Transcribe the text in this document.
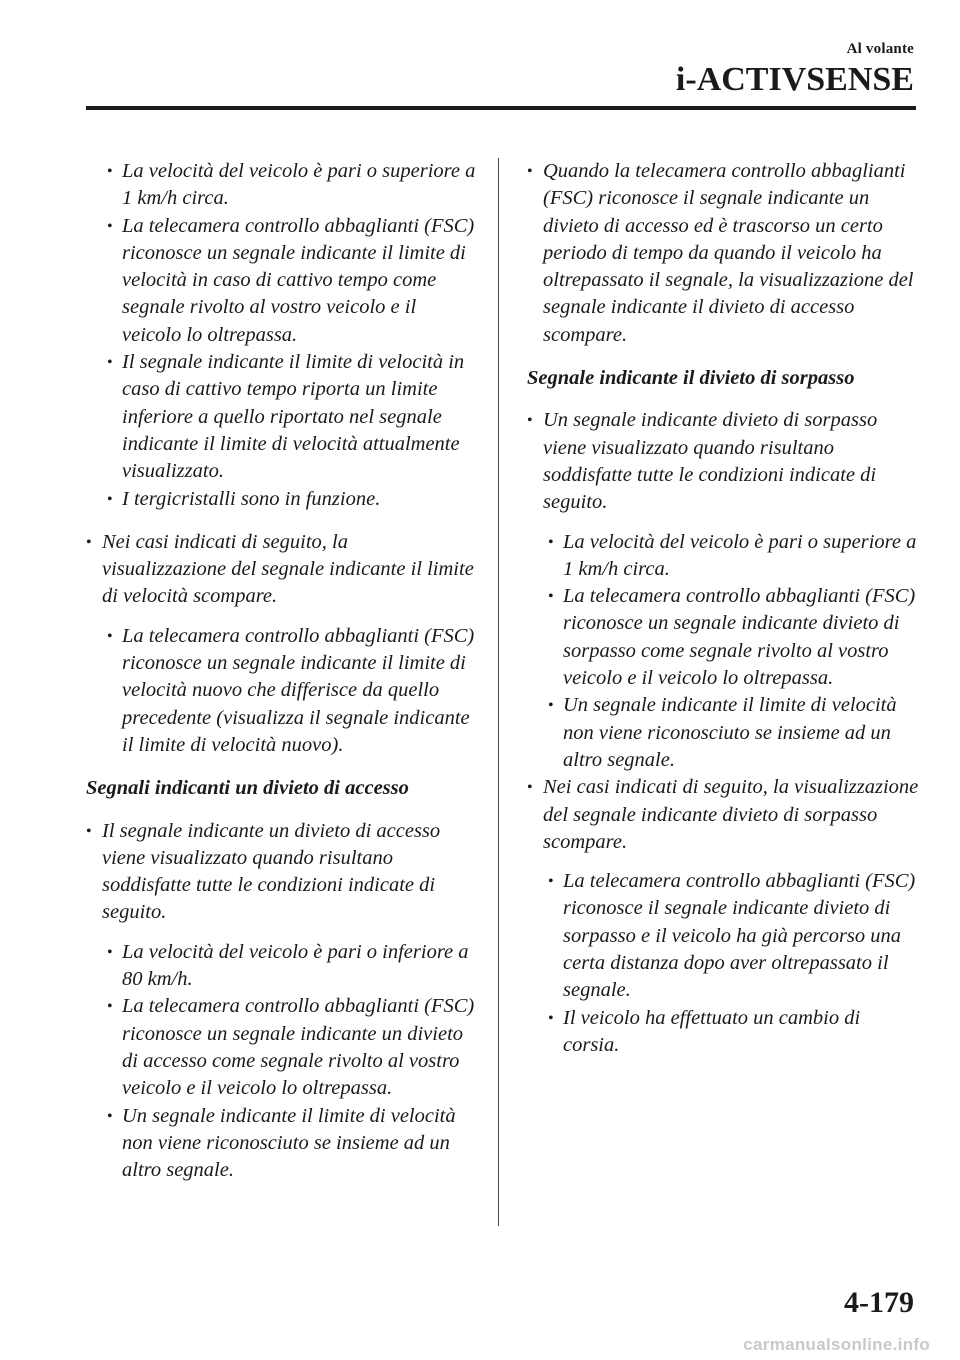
Al volante
i-ACTIVSENSE
• La velocità del veicolo è pari o superiore a 1 km/h circa.
• La telecamera controllo abbaglianti (FSC) riconosce un segnale indicante il limite di velocità in caso di cattivo tempo come segnale rivolto al vostro veicolo e il veicolo lo oltrepassa.
• Il segnale indicante il limite di velocità in caso di cattivo tempo riporta un limite inferiore a quello riportato nel segnale indicante il limite di velocità attualmente visualizzato.
• I tergicristalli sono in funzione.
• Nei casi indicati di seguito, la visualizzazione del segnale indicante il limite di velocità scompare.
• La telecamera controllo abbaglianti (FSC) riconosce un segnale indicante il limite di velocità nuovo che differisce da quello precedente (visualizza il segnale indicante il limite di velocità nuovo).
Segnali indicanti un divieto di accesso
• Il segnale indicante un divieto di accesso viene visualizzato quando risultano soddisfatte tutte le condizioni indicate di seguito.
• La velocità del veicolo è pari o inferiore a 80 km/h.
• La telecamera controllo abbaglianti (FSC) riconosce un segnale indicante un divieto di accesso come segnale rivolto al vostro veicolo e il veicolo lo oltrepassa.
• Un segnale indicante il limite di velocità non viene riconosciuto se insieme ad un altro segnale.
• Quando la telecamera controllo abbaglianti (FSC) riconosce il segnale indicante un divieto di accesso ed è trascorso un certo periodo di tempo da quando il veicolo ha oltrepassato il segnale, la visualizzazione del segnale indicante il divieto di accesso scompare.
Segnale indicante il divieto di sorpasso
• Un segnale indicante divieto di sorpasso viene visualizzato quando risultano soddisfatte tutte le condizioni indicate di seguito.
• La velocità del veicolo è pari o superiore a 1 km/h circa.
• La telecamera controllo abbaglianti (FSC) riconosce un segnale indicante divieto di sorpasso come segnale rivolto al vostro veicolo e il veicolo lo oltrepassa.
• Un segnale indicante il limite di velocità non viene riconosciuto se insieme ad un altro segnale.
• Nei casi indicati di seguito, la visualizzazione del segnale indicante divieto di sorpasso scompare.
• La telecamera controllo abbaglianti (FSC) riconosce il segnale indicante divieto di sorpasso e il veicolo ha già percorso una certa distanza dopo aver oltrepassato il segnale.
• Il veicolo ha effettuato un cambio di corsia.
4-179
carmanualsonline.info
